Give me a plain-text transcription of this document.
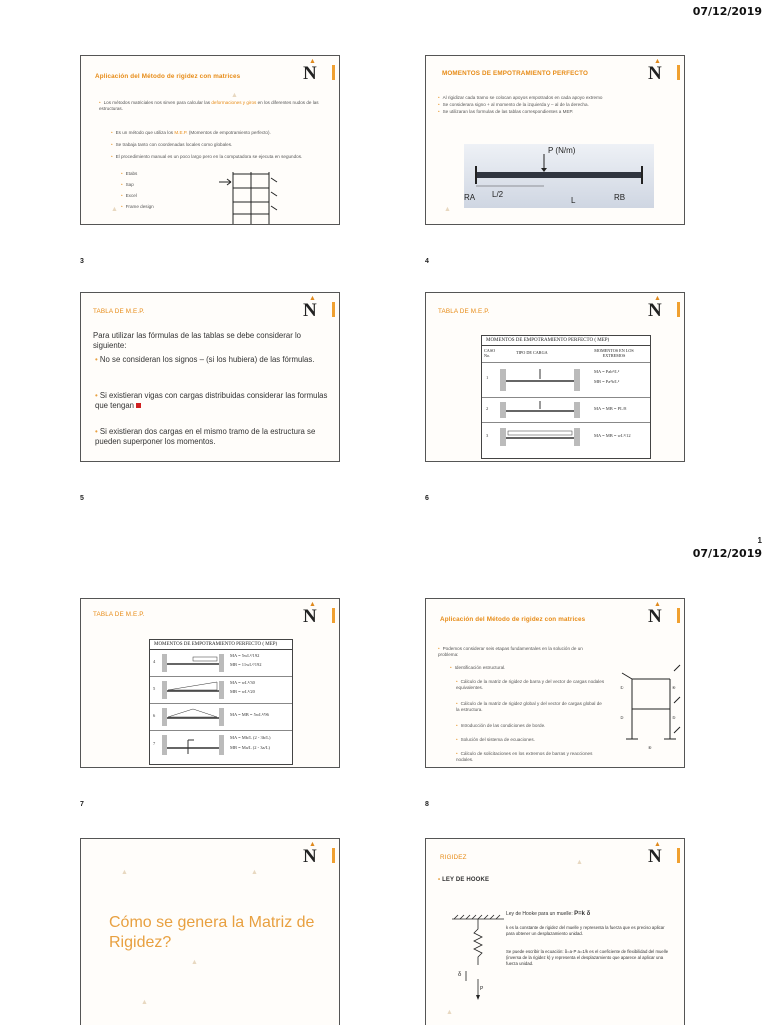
07/12/2019
1
07/12/2019
▲
N
Aplicación del Método de rigidez con matrices
• Los métodos matriciales nos sirven para calcular las deformaciones y giros en los diferentes nudos de las estructuras.
• Es un método que utiliza los M.E.P. (Momentos de empotramiento perfecto).
• Se trabaja tanto con coordenadas locales como globales.
• El procedimiento manual es un poco largo pero en la computadora se ejecuta en segundos.
• Etabs
• Sap
• Excel
• Frame design
▲
▲
3
▲
N
MOMENTOS DE EMPOTRAMIENTO PERFECTO
• Al rigidizar cada tramo se colocan apoyos empotrados en cada apoyo extremo
• Se considerara signo + al momento de la izquierda y – al de la derecha.
• Se utilizaran las formulas de las tablas correspondientes a MEP.
P (N/m)
RA L/2
L	RB
▲
4
▲
N
TABLA DE M.E.P.
Para utilizar las fórmulas de las tablas se debe considerar lo siguiente:
• No se consideran los signos – (si los hubiera) de las fórmulas.
• Si existieran vigas con cargas distribuidas considerar las formulas que tengan
• Si existieran dos cargas en el mismo tramo de la estructura se pueden superponer los momentos.
5
▲
N
TABLA DE M.E.P.
MOMENTOS DE EMPOTRAMIENTO PERFECTO ( MEP)
CASO No.
TIPO DE CARGA	MOMENTOS EN LOS EXTREMOS
1
MA = Pab²/L²
MB = Pa²b/L²
2	MA = MB = PL/8
3	MA = MB = wL²/12
6
▲
N
TABLA DE M.E.P.
MOMENTOS DE EMPOTRAMIENTO PERFECTO ( MEP)
4
MA = 5wL²/192
MB = 11wL²/192
5
MA = wL²/30
MB = wL²/20
6	MA = MB = 5wL²/96
7
MA = Mb/L (2 - 3b/L)
MB = Ma/L (2 - 3a/L)
7
▲
N
Aplicación del Método de rigidez con matrices
• Podemos considerar seis etapas fundamentales en la solución de un problema:
• Identificación estructural.
• Cálculo de la matriz de rigidez de barra y del vector de cargas nodales equivalentes.
• Cálculo de la matriz de rigidez global y del vector de cargas global de la estructura.
• Introducción de las condiciones de borde.
• Solución del sistema de ecuaciones.
• Cálculo de solicitaciones en los extremos de barras y reacciones nodales.
①
②
④
⑤
⑥
8
▲
N
Cómo se genera la Matriz de Rigidez?
▲	▲
▲
▲
▲
N
RIGIDEZ
• LEY DE HOOKE
δ
P
Ley de Hooke para un muelle: P=k δ
k es la constante de rigidez del muelle y representa la fuerza que es preciso aplicar para obtener un desplazamiento unidad.
Se puede escribir la ecuación: δ=a·P a=1/k es el coeficiente de flexibilidad del muelle (inversa de la rigidez k) y representa el desplazamiento que aparece al aplicar una fuerza unidad.
▲
▲
